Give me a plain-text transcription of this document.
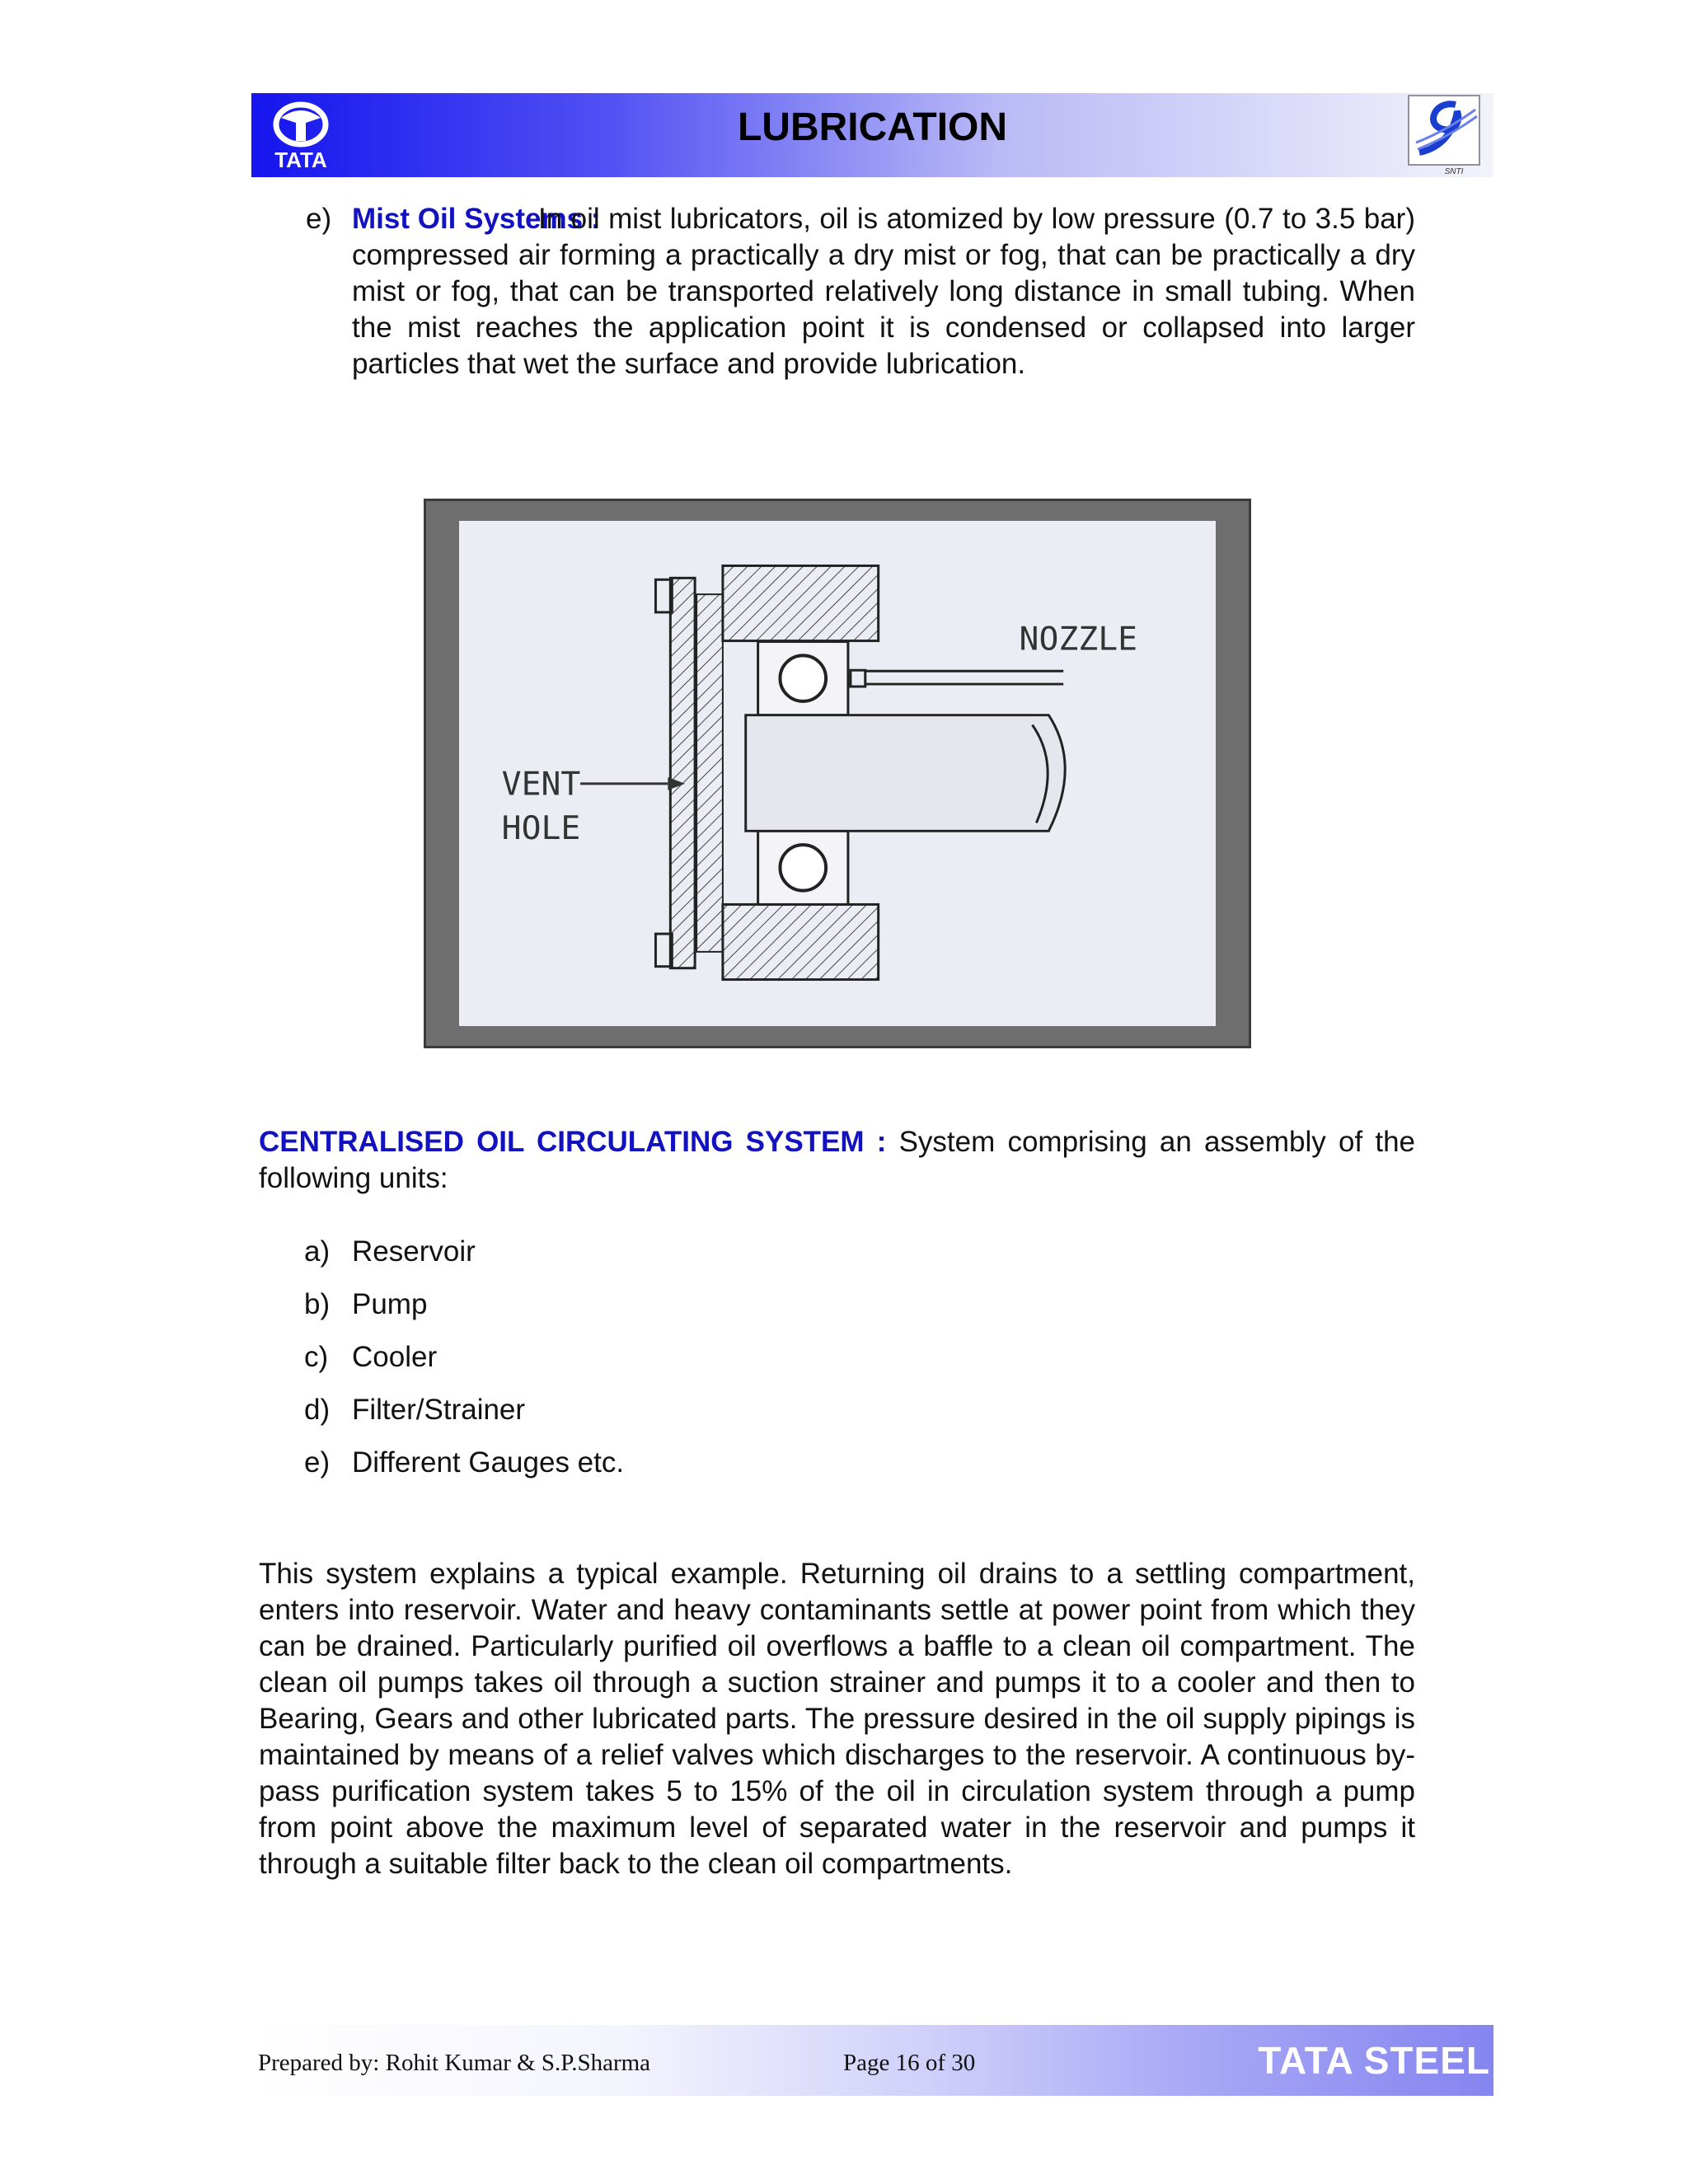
TATA
LUBRICATION
SNTI
e) Mist Oil Systems :
In oil mist lubricators, oil is atomized by low pressure (0.7 to 3.5 bar) compressed air forming a practically a dry mist or fog, that can be practically a dry mist or fog, that can be transported relatively long distance in small tubing. When the mist reaches the application point it is condensed or collapsed into larger particles that wet the surface and provide lubrication.
NOZZLE
VENT
HOLE
CENTRALISED OIL CIRCULATING SYSTEM : System comprising an assembly of the following units:
a) Reservoir
b) Pump
c) Cooler
d) Filter/Strainer
e) Different Gauges etc.
This system explains a typical example. Returning oil drains to a settling compartment, enters into reservoir. Water and heavy contaminants settle at power point from which they can be drained. Particularly purified oil overflows a baffle to a clean oil compartment. The clean oil pumps takes oil through a suction strainer and pumps it to a cooler and then to Bearing, Gears and other lubricated parts. The pressure desired in the oil supply pipings is maintained by means of a relief valves which discharges to the reservoir. A continuous by-pass purification system takes 5 to 15% of the oil in circulation system through a pump from point above the maximum level of separated water in the reservoir and pumps it through a suitable filter back to the clean oil compartments.
Prepared by: Rohit Kumar & S.P.Sharma	Page 16 of 30	TATA STEEL
